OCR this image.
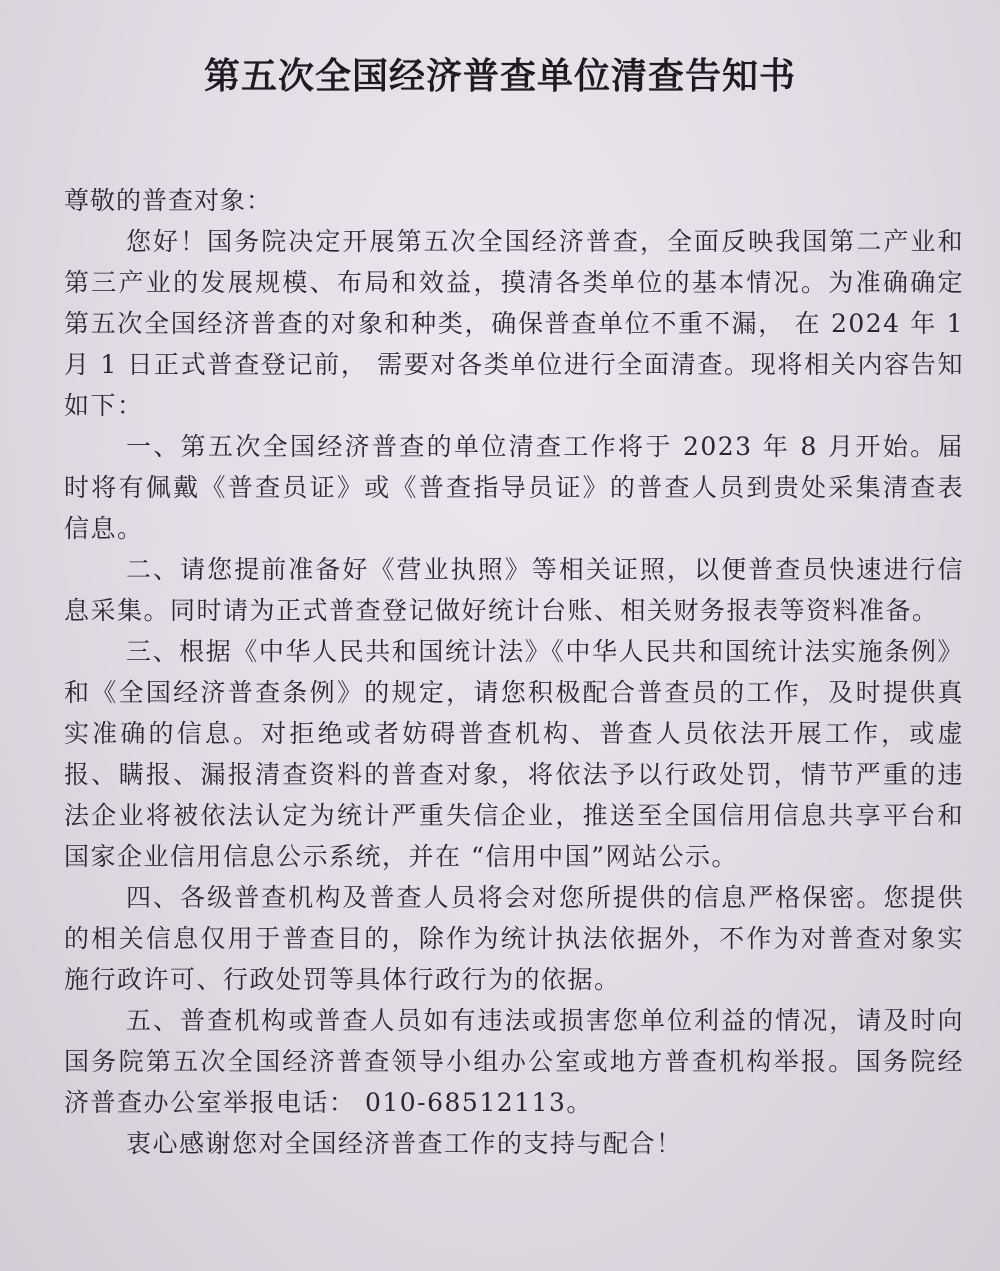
第五次全国经济普查单位清查告知书

尊敬的普查对象：

您好！国务院决定开展第五次全国经济普查，全面反映我国第二产业和第三产业的发展规模、布局和效益，摸清各类单位的基本情况。为准确确定第五次全国经济普查的对象和种类，确保普查单位不重不漏， 在 2024 年 1 月 1 日正式普查登记前， 需要对各类单位进行全面清查。现将相关内容告知如下：

一、第五次全国经济普查的单位清查工作将于 2023 年 8 月开始。届时将有佩戴《普查员证》或《普查指导员证》的普查人员到贵处采集清查表信息。

二、请您提前准备好《营业执照》等相关证照，以便普查员快速进行信息采集。同时请为正式普查登记做好统计台账、相关财务报表等资料准备。

三、根据《中华人民共和国统计法》《中华人民共和国统计法实施条例》和《全国经济普查条例》的规定，请您积极配合普查员的工作，及时提供真实准确的信息。对拒绝或者妨碍普查机构、普查人员依法开展工作，或虚报、瞒报、漏报清查资料的普查对象，将依法予以行政处罚，情节严重的违法企业将被依法认定为统计严重失信企业，推送至全国信用信息共享平台和国家企业信用信息公示系统，并在 “信用中国”网站公示。

四、各级普查机构及普查人员将会对您所提供的信息严格保密。您提供的相关信息仅用于普查目的，除作为统计执法依据外，不作为对普查对象实施行政许可、行政处罚等具体行政行为的依据。

五、普查机构或普查人员如有违法或损害您单位利益的情况，请及时向国务院第五次全国经济普查领导小组办公室或地方普查机构举报。国务院经济普查办公室举报电话： 010-68512113。

衷心感谢您对全国经济普查工作的支持与配合！
